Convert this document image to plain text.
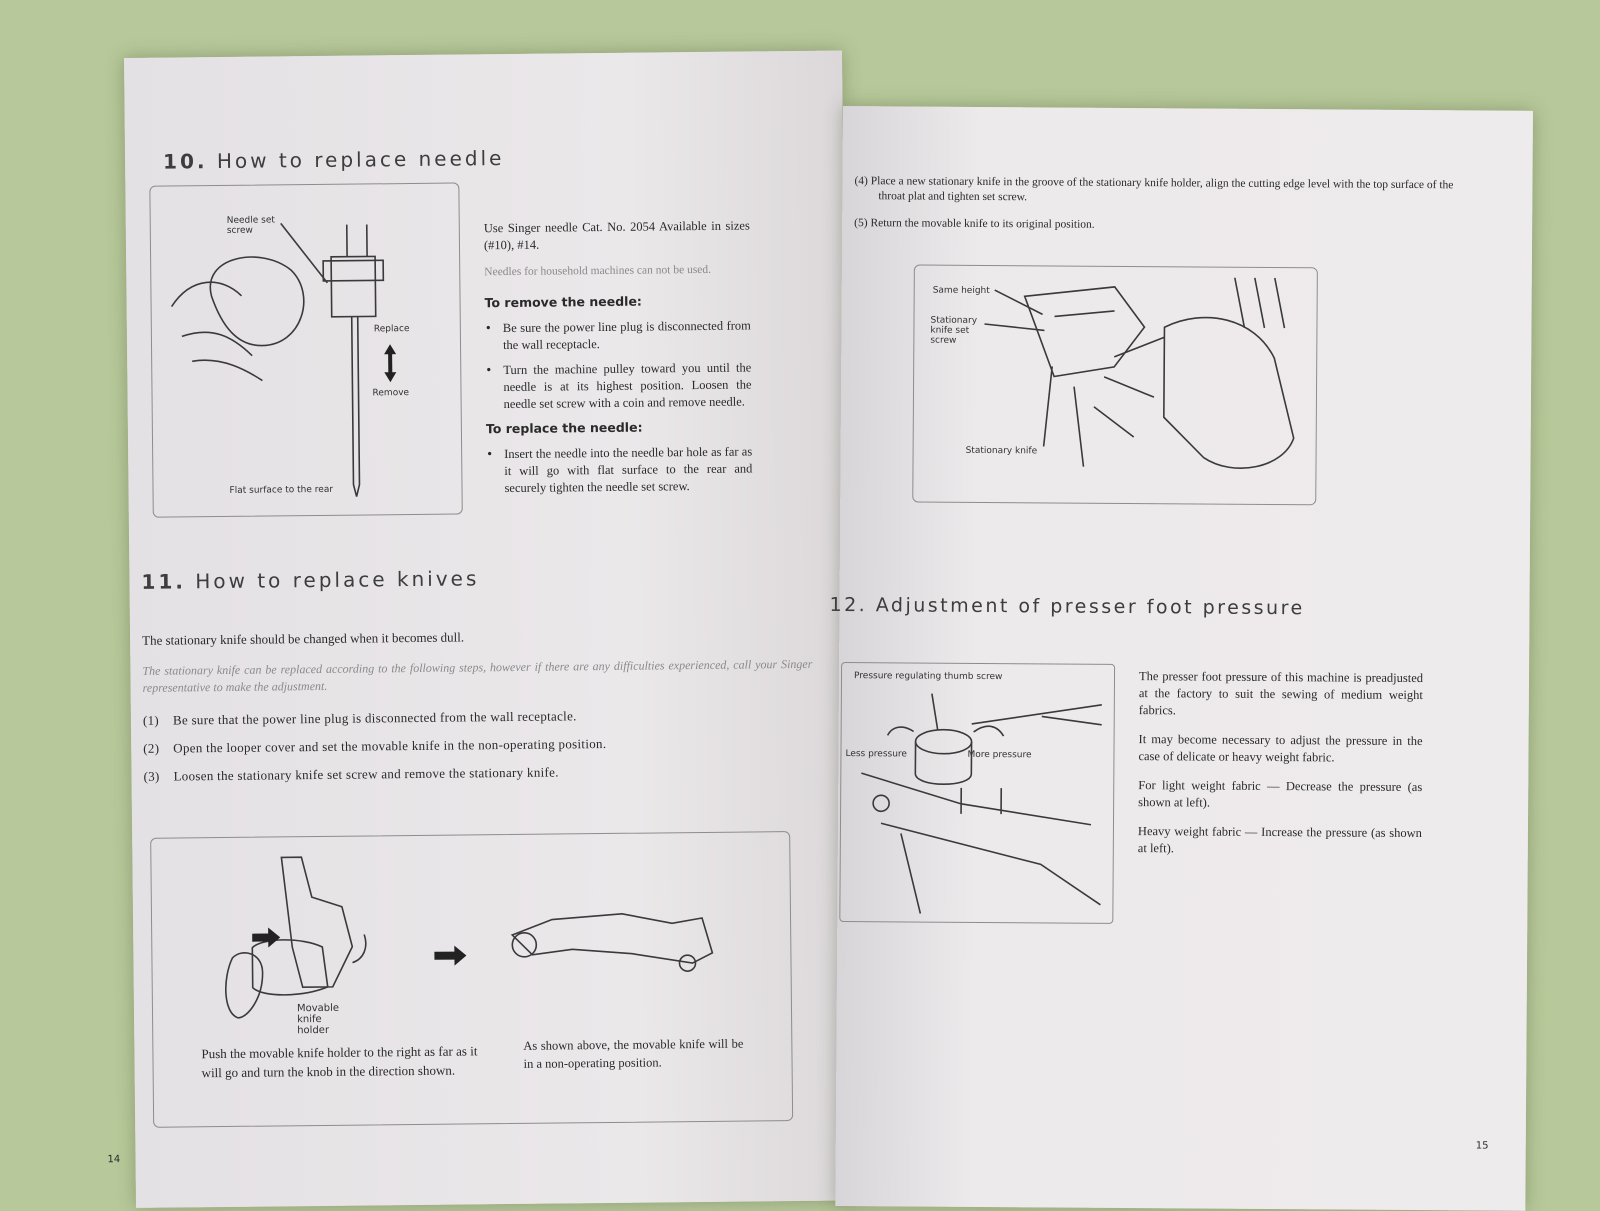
10. How to replace needle
Needle set screw
Replace
Remove
Flat surface to the rear

Use Singer needle Cat. No. 2054 Available in sizes (#10), #14.

Needles for household machines can not be used.

To remove the needle:

• Be sure the power line plug is disconnected from the wall receptacle.
• Turn the machine pulley toward you until the needle is at its highest position. Loosen the needle set screw with a coin and remove needle.

To replace the needle:

• Insert the needle into the needle bar hole as far as it will go with flat surface to the rear and securely tighten the needle set screw.
11. How to replace knives

The stationary knife should be changed when it becomes dull.

The stationary knife can be replaced according to the following steps, however if there are any difficulties experienced, call your Singer representative to make the adjustment.

(1) Be sure that the power line plug is disconnected from the wall receptacle.

(2) Open the looper cover and set the movable knife in the non-operating position.

(3) Loosen the stationary knife set screw and remove the stationary knife.

Movable knife holder

Push the movable knife holder to the right as far as it will go and turn the knob in the direction shown.

As shown above, the movable knife will be in a non-operating position.

14

(4) Place a new stationary knife in the groove of the stationary knife holder, align the cutting edge level with the top surface of the throat plat and tighten set screw.

(5) Return the movable knife to its original position.

Same height
Stationary knife set screw
Stationary knife
12. Adjustment of presser foot pressure
Pressure regulating thumb screw
Less pressure	More pressure

The presser foot pressure of this machine is preadjusted at the factory to suit the sewing of medium weight fabrics.

It may become necessary to adjust the pressure in the case of delicate or heavy weight fabric.

For light weight fabric — Decrease the pressure (as shown at left).

Heavy weight fabric — Increase the pressure (as shown at left).

15
